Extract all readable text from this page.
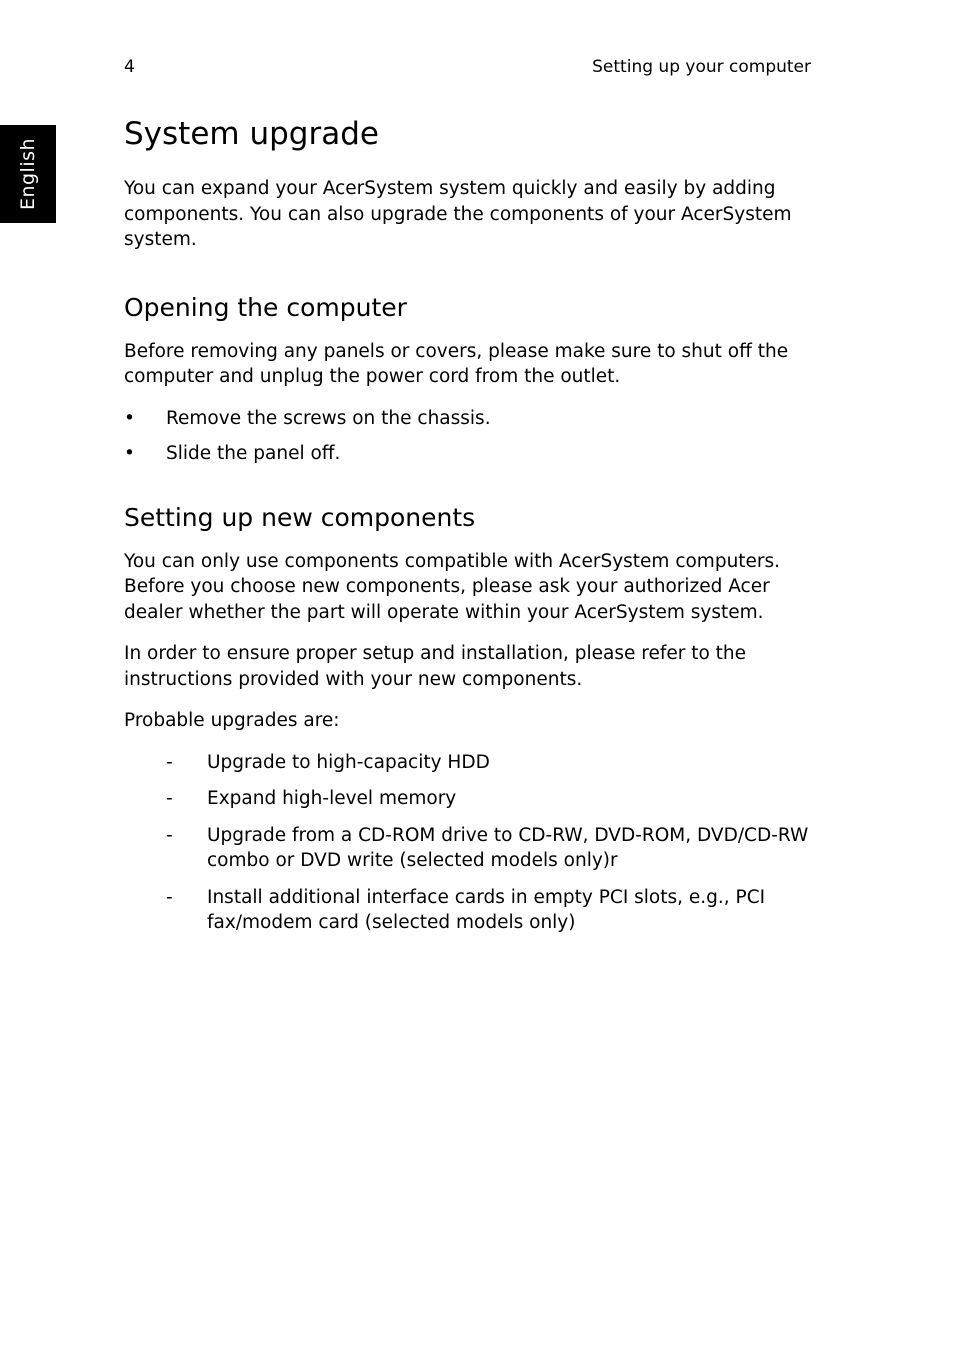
4	Setting up your computer
English
System upgrade

You can expand your AcerSystem system quickly and easily by adding components. You can also upgrade the components of your AcerSystem system.

Opening the computer

Before removing any panels or covers, please make sure to shut off the computer and unplug the power cord from the outlet.

•	Remove the screws on the chassis.
•	Slide the panel off.
Setting up new components

You can only use components compatible with AcerSystem computers. Before you choose new components, please ask your authorized Acer dealer whether the part will operate within your AcerSystem system.

In order to ensure proper setup and installation, please refer to the instructions provided with your new components.

Probable upgrades are:

-	Upgrade to high-capacity HDD
-	Expand high-level memory
-	Upgrade from a CD-ROM drive to CD-RW, DVD-ROM, DVD/CD-RW combo or DVD write (selected models only)r
-	Install additional interface cards in empty PCI slots, e.g., PCI fax/modem card (selected models only)
